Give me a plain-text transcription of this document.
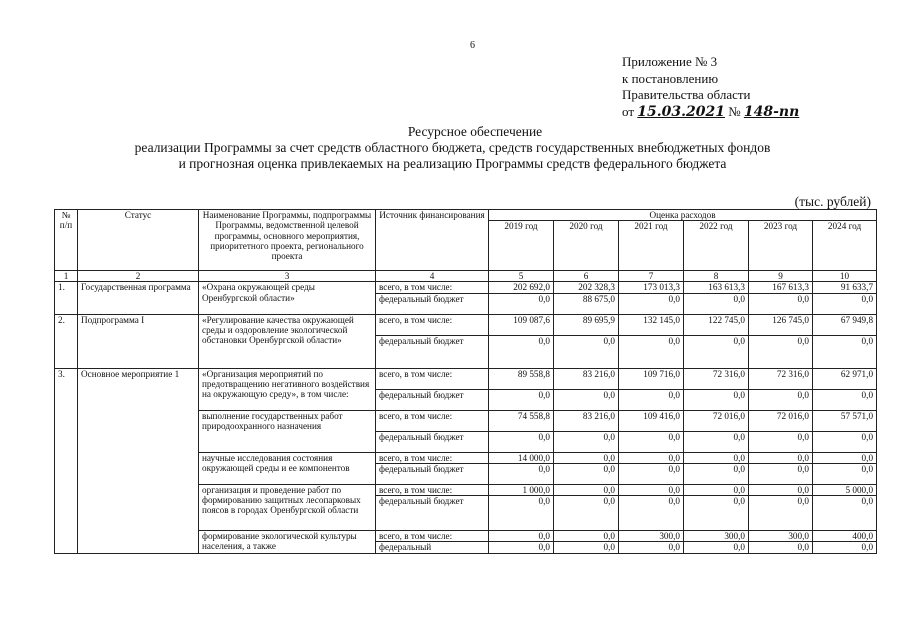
6
Приложение № 3
к постановлению
Правительства области
от 15.03.2021 № 148-пп
Ресурсное обеспечение
реализации Программы за счет средств областного бюджета, средств государственных внебюджетных фондов
и прогнозная оценка привлекаемых на реализацию Программы средств федерального бюджета
(тыс. рублей)
№ п/п	Статус	Наименование Программы, подпрограммы Программы, ведомственной целевой программы, основного мероприятия, приоритетного проекта, регионального проекта	Источник финансирования	Оценка расходов					
				2019 год	2020 год	2021 год	2022 год	2023 год	2024 год
1	2	3	4	5	6	7	8	9	10
1.	Государственная программа	«Охрана окружающей среды Оренбургской области»	всего, в том числе:	202 692,0	202 328,3	173 013,3	163 613,3	167 613,3	91 633,7
			федеральный бюджет	0,0	88 675,0	0,0	0,0	0,0	0,0
2.	Подпрограмма I	«Регулирование качества окружающей среды и оздоровление экологической обстановки Оренбургской области»	всего, в том числе:	109 087,6	89 695,9	132 145,0	122 745,0	126 745,0	67 949,8
			федеральный бюджет	0,0	0,0	0,0	0,0	0,0	0,0
3.	Основное мероприятие 1	«Организация мероприятий по предотвращению негативного воздействия на окружающую среду», в том числе:	всего, в том числе:	89 558,8	83 216,0	109 716,0	72 316,0	72 316,0	62 971,0
			федеральный бюджет	0,0	0,0	0,0	0,0	0,0	0,0
		выполнение государственных работ природоохранного назначения	всего, в том числе:	74 558,8	83 216,0	109 416,0	72 016,0	72 016,0	57 571,0
			федеральный бюджет	0,0	0,0	0,0	0,0	0,0	0,0
		научные исследования состояния окружающей среды и ее компонентов	всего, в том числе:	14 000,0	0,0	0,0	0,0	0,0	0,0
			федеральный бюджет	0,0	0,0	0,0	0,0	0,0	0,0
		организация и проведение работ по формированию защитных лесопарковых поясов в городах Оренбургской области	всего, в том числе:	1 000,0	0,0	0,0	0,0	0,0	5 000,0
			федеральный бюджет	0,0	0,0	0,0	0,0	0,0	0,0
		формирование экологической культуры населения, а также	всего, в том числе:	0,0	0,0	300,0	300,0	300,0	400,0
			федеральный	0,0	0,0	0,0	0,0	0,0	0,0
